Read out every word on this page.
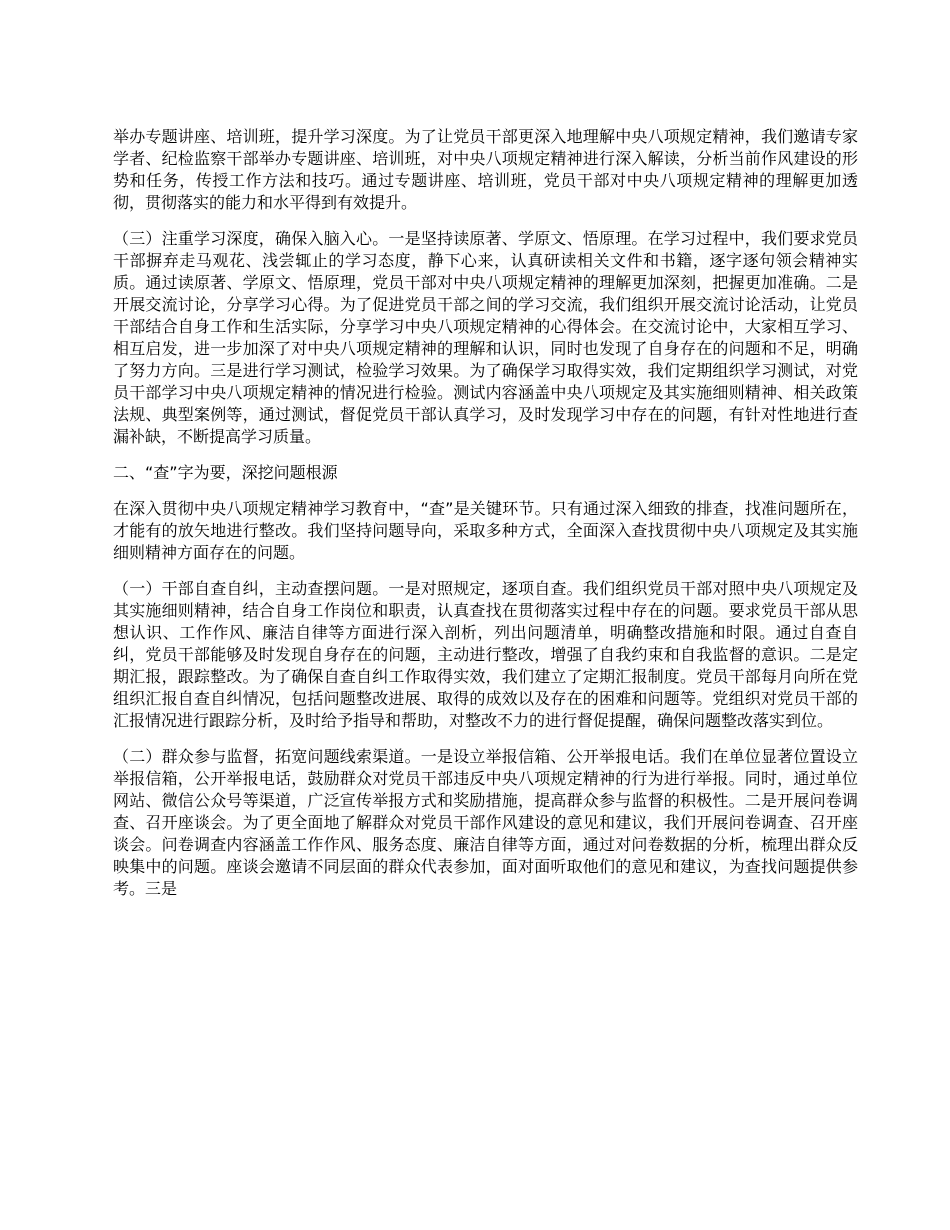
举办专题讲座、培训班，提升学习深度。为了让党员干部更深入地理解中央八项规定精神，我们邀请专家学者、纪检监察干部举办专题讲座、培训班，对中央八项规定精神进行深入解读，分析当前作风建设的形势和任务，传授工作方法和技巧。通过专题讲座、培训班，党员干部对中央八项规定精神的理解更加透彻，贯彻落实的能力和水平得到有效提升。

（三）注重学习深度，确保入脑入心。一是坚持读原著、学原文、悟原理。在学习过程中，我们要求党员干部摒弃走马观花、浅尝辄止的学习态度，静下心来，认真研读相关文件和书籍，逐字逐句领会精神实质。通过读原著、学原文、悟原理，党员干部对中央八项规定精神的理解更加深刻，把握更加准确。二是开展交流讨论，分享学习心得。为了促进党员干部之间的学习交流，我们组织开展交流讨论活动，让党员干部结合自身工作和生活实际，分享学习中央八项规定精神的心得体会。在交流讨论中，大家相互学习、相互启发，进一步加深了对中央八项规定精神的理解和认识，同时也发现了自身存在的问题和不足，明确了努力方向。三是进行学习测试，检验学习效果。为了确保学习取得实效，我们定期组织学习测试，对党员干部学习中央八项规定精神的情况进行检验。测试内容涵盖中央八项规定及其实施细则精神、相关政策法规、典型案例等，通过测试，督促党员干部认真学习，及时发现学习中存在的问题，有针对性地进行查漏补缺，不断提高学习质量。

二、“查”字为要，深挖问题根源

在深入贯彻中央八项规定精神学习教育中，“查”是关键环节。只有通过深入细致的排查，找准问题所在，才能有的放矢地进行整改。我们坚持问题导向，采取多种方式，全面深入查找贯彻中央八项规定及其实施细则精神方面存在的问题。

（一）干部自查自纠，主动查摆问题。一是对照规定，逐项自查。我们组织党员干部对照中央八项规定及其实施细则精神，结合自身工作岗位和职责，认真查找在贯彻落实过程中存在的问题。要求党员干部从思想认识、工作作风、廉洁自律等方面进行深入剖析，列出问题清单，明确整改措施和时限。通过自查自纠，党员干部能够及时发现自身存在的问题，主动进行整改，增强了自我约束和自我监督的意识。二是定期汇报，跟踪整改。为了确保自查自纠工作取得实效，我们建立了定期汇报制度。党员干部每月向所在党组织汇报自查自纠情况，包括问题整改进展、取得的成效以及存在的困难和问题等。党组织对党员干部的汇报情况进行跟踪分析，及时给予指导和帮助，对整改不力的进行督促提醒，确保问题整改落实到位。

（二）群众参与监督，拓宽问题线索渠道。一是设立举报信箱、公开举报电话。我们在单位显著位置设立举报信箱，公开举报电话，鼓励群众对党员干部违反中央八项规定精神的行为进行举报。同时，通过单位网站、微信公众号等渠道，广泛宣传举报方式和奖励措施，提高群众参与监督的积极性。二是开展问卷调查、召开座谈会。为了更全面地了解群众对党员干部作风建设的意见和建议，我们开展问卷调查、召开座谈会。问卷调查内容涵盖工作作风、服务态度、廉洁自律等方面，通过对问卷数据的分析，梳理出群众反映集中的问题。座谈会邀请不同层面的群众代表参加，面对面听取他们的意见和建议，为查找问题提供参考。三是
